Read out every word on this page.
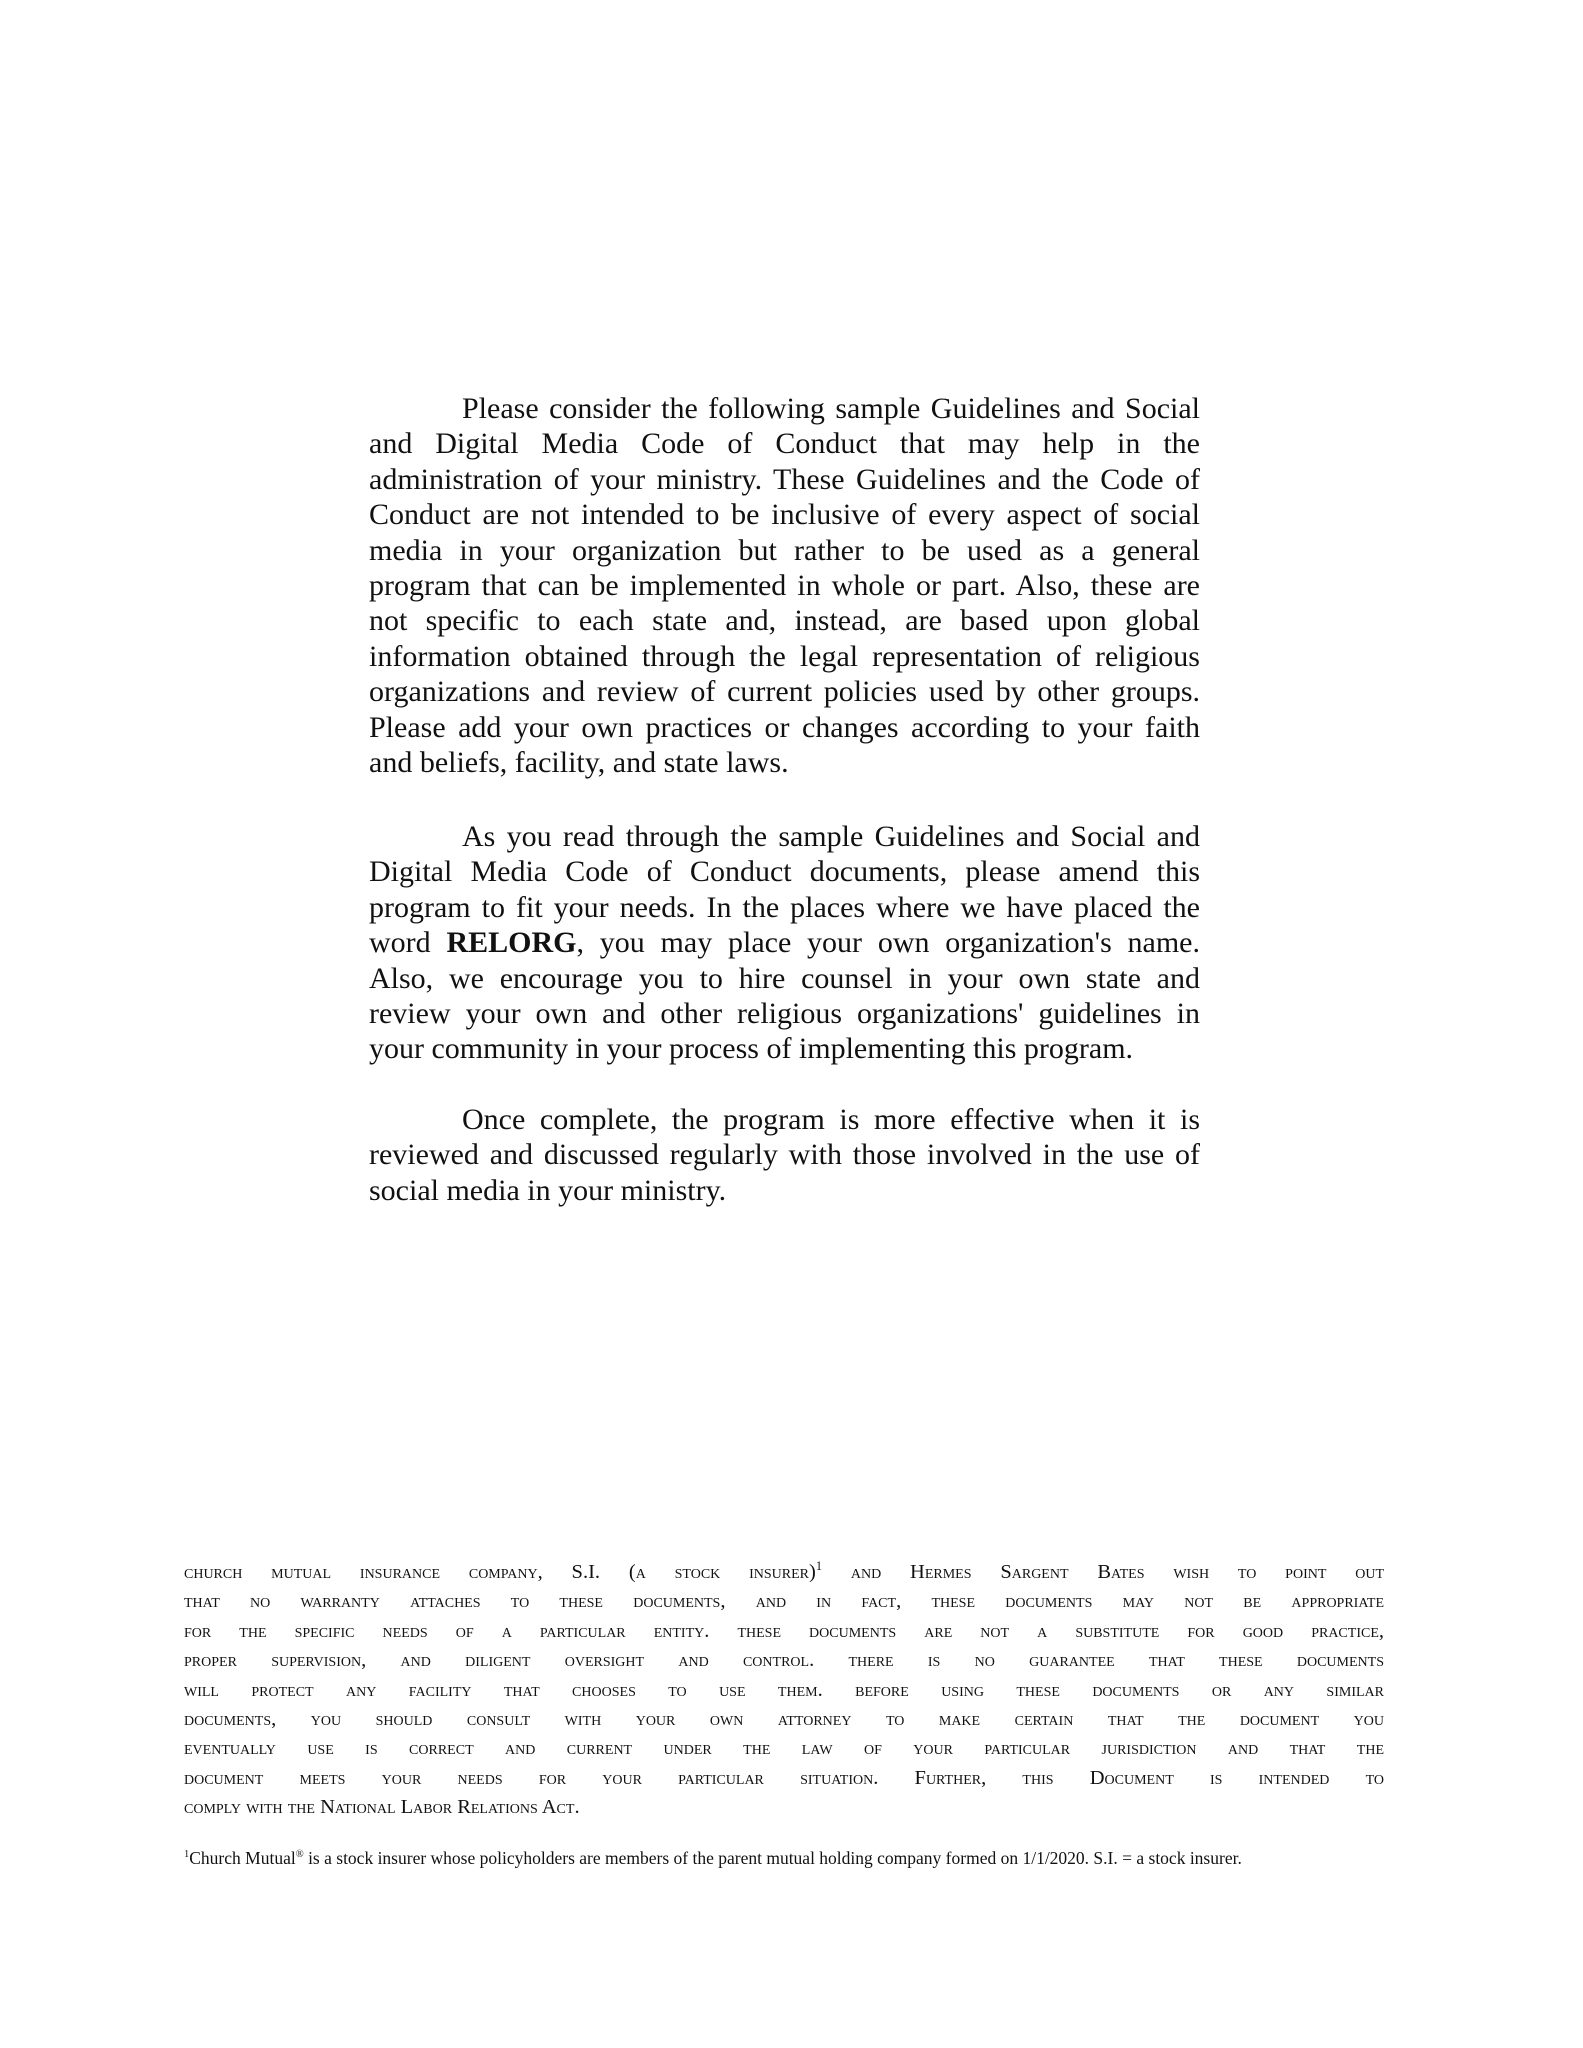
Please consider the following sample Guidelines and Social
and Digital Media Code of Conduct that may help in the
administration of your ministry. These Guidelines and the Code of
Conduct are not intended to be inclusive of every aspect of social
media in your organization but rather to be used as a general
program that can be implemented in whole or part. Also, these are
not specific to each state and, instead, are based upon global
information obtained through the legal representation of religious
organizations and review of current policies used by other groups.
Please add your own practices or changes according to your faith
and beliefs, facility, and state laws.
As you read through the sample Guidelines and Social and
Digital Media Code of Conduct documents, please amend this
program to fit your needs. In the places where we have placed the
word RELORG, you may place your own organization's name.
Also, we encourage you to hire counsel in your own state and
review your own and other religious organizations' guidelines in
your community in your process of implementing this program.
Once complete, the program is more effective when it is
reviewed and discussed regularly with those involved in the use of
social media in your ministry.
church mutual insurance company, S.I. (a stock insurer)$^1$ and Hermes Sargent Bates wish to point out
that no warranty attaches to these documents, and in fact, these documents may not be appropriate
for the specific needs of a particular entity. these documents are not a substitute for good practice,
proper supervision, and diligent oversight and control. there is no guarantee that these documents
will protect any facility that chooses to use them. before using these documents or any similar
documents, you should consult with your own attorney to make certain that the document you
eventually use is correct and current under the law of your particular jurisdiction and that the
document meets your needs for your particular situation. Further, this Document is intended to
comply with the National Labor Relations Act.
$^1$Church Mutual® is a stock insurer whose policyholders are members of the parent mutual holding company formed on 1/1/2020. S.I. = a stock insurer.
